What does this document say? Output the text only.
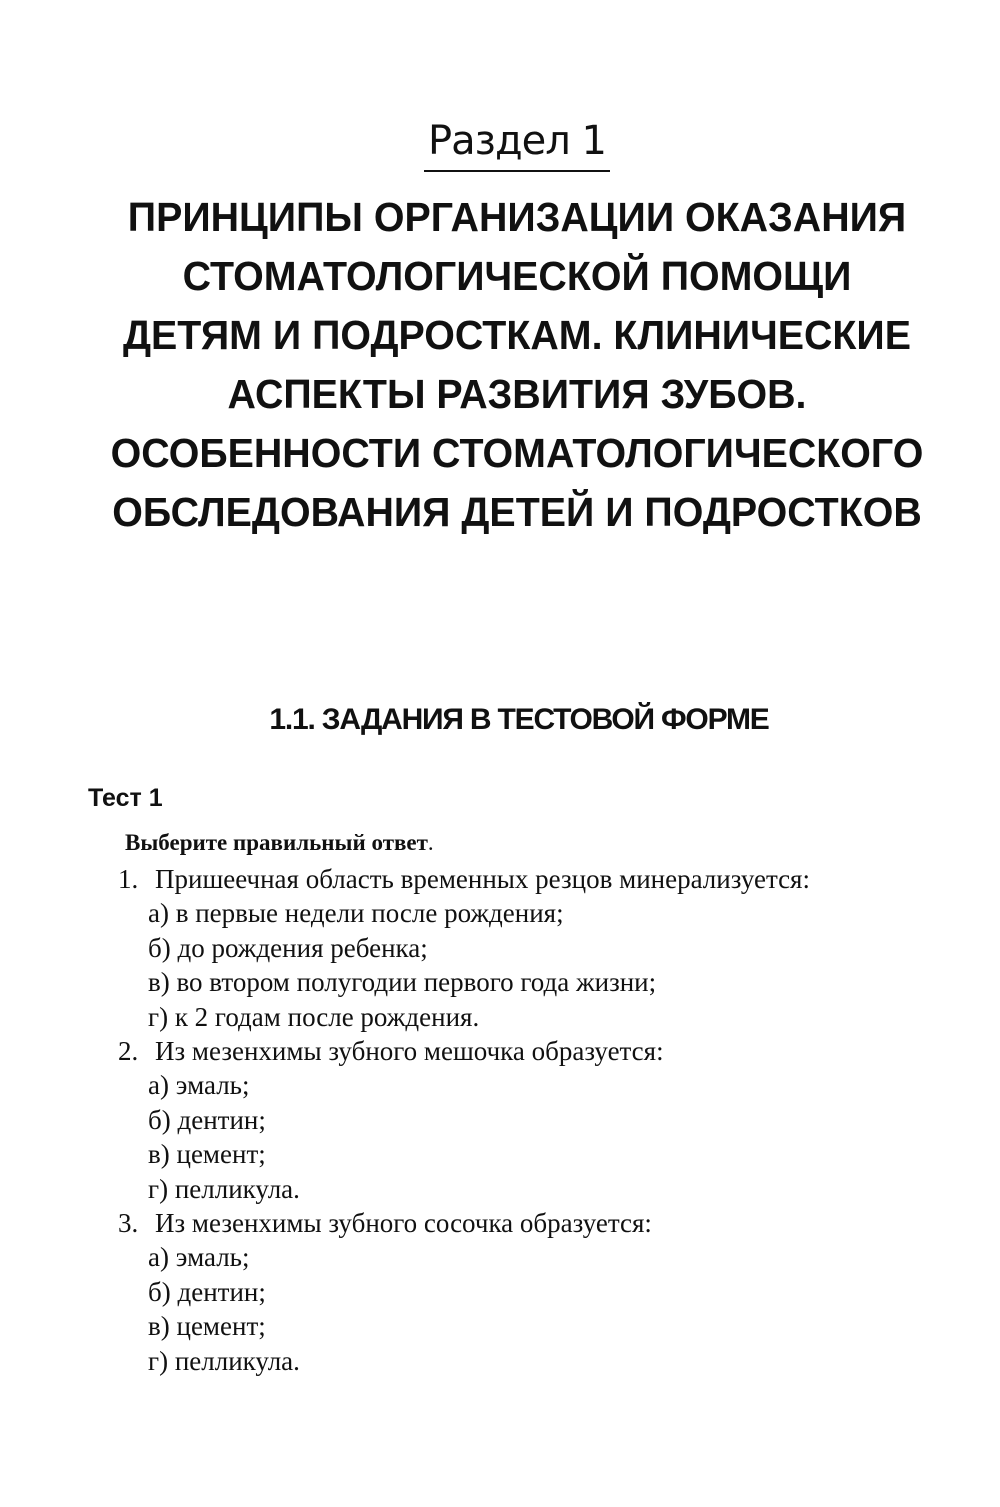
Раздел 1
ПРИНЦИПЫ ОРГАНИЗАЦИИ ОКАЗАНИЯ
СТОМАТОЛОГИЧЕСКОЙ ПОМОЩИ
ДЕТЯМ И ПОДРОСТКАМ. КЛИНИЧЕСКИЕ
АСПЕКТЫ РАЗВИТИЯ ЗУБОВ.
ОСОБЕННОСТИ СТОМАТОЛОГИЧЕСКОГО
ОБСЛЕДОВАНИЯ ДЕТЕЙ И ПОДРОСТКОВ
1.1. ЗАДАНИЯ В ТЕСТОВОЙ ФОРМЕ
Тест 1
Выберите правильный ответ.
1. Пришеечная область временных резцов минерализуется:
а) в первые недели после рождения;
б) до рождения ребенка;
в) во втором полугодии первого года жизни;
г) к 2 годам после рождения.
2. Из мезенхимы зубного мешочка образуется:
а) эмаль;
б) дентин;
в) цемент;
г) пелликула.
3. Из мезенхимы зубного сосочка образуется:
а) эмаль;
б) дентин;
в) цемент;
г) пелликула.
